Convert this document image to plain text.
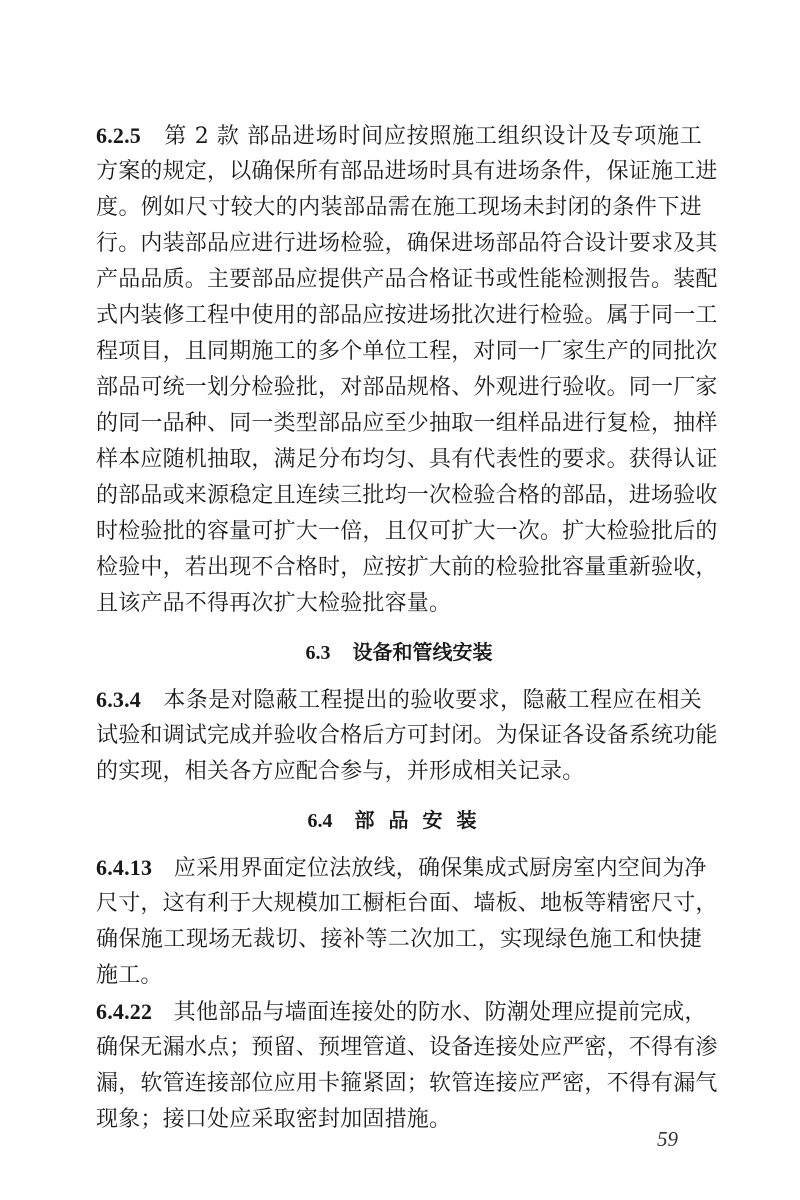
6.2.5 第 2 款 部品进场时间应按照施工组织设计及专项施工
方案的规定，以确保所有部品进场时具有进场条件，保证施工进
度。例如尺寸较大的内装部品需在施工现场未封闭的条件下进
行。内装部品应进行进场检验，确保进场部品符合设计要求及其
产品品质。主要部品应提供产品合格证书或性能检测报告。装配
式内装修工程中使用的部品应按进场批次进行检验。属于同一工
程项目，且同期施工的多个单位工程，对同一厂家生产的同批次
部品可统一划分检验批，对部品规格、外观进行验收。同一厂家
的同一品种、同一类型部品应至少抽取一组样品进行复检，抽样
样本应随机抽取，满足分布均匀、具有代表性的要求。获得认证
的部品或来源稳定且连续三批均一次检验合格的部品，进场验收
时检验批的容量可扩大一倍，且仅可扩大一次。扩大检验批后的
检验中，若出现不合格时，应按扩大前的检验批容量重新验收，
且该产品不得再次扩大检验批容量。
6.3 设备和管线安装
6.3.4 本条是对隐蔽工程提出的验收要求，隐蔽工程应在相关
试验和调试完成并验收合格后方可封闭。为保证各设备系统功能
的实现，相关各方应配合参与，并形成相关记录。
6.4 部品安装
6.4.13 应采用界面定位法放线，确保集成式厨房室内空间为净
尺寸，这有利于大规模加工橱柜台面、墙板、地板等精密尺寸，
确保施工现场无裁切、接补等二次加工，实现绿色施工和快捷
施工。
6.4.22 其他部品与墙面连接处的防水、防潮处理应提前完成，
确保无漏水点；预留、预埋管道、设备连接处应严密，不得有渗
漏，软管连接部位应用卡箍紧固；软管连接应严密，不得有漏气
现象；接口处应采取密封加固措施。
59
